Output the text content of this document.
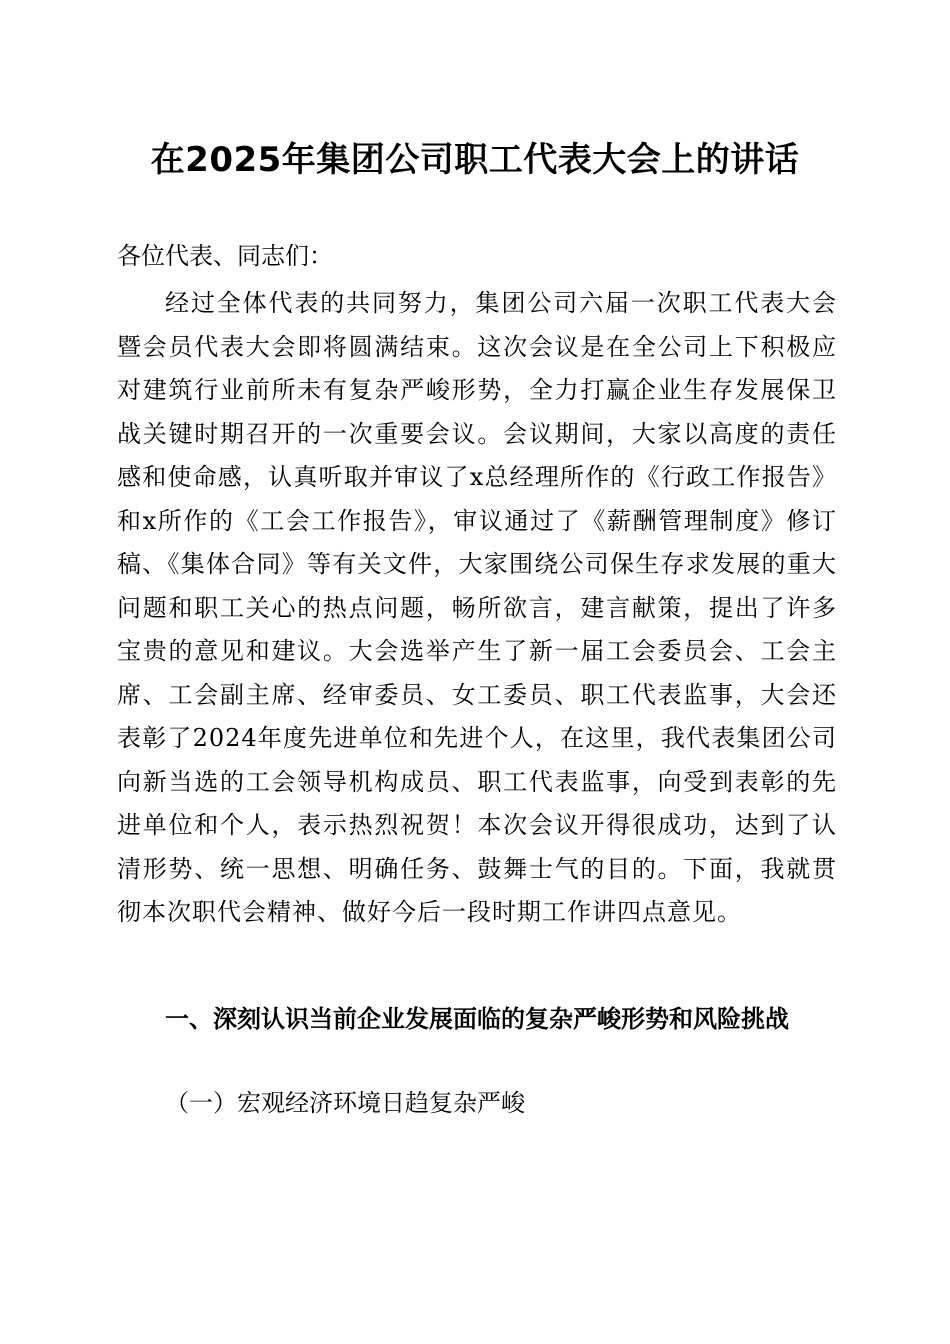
在2025年集团公司职工代表大会上的讲话

各位代表、同志们：

经过全体代表的共同努力，集团公司六届一次职工代表大会暨会员代表大会即将圆满结束。这次会议是在全公司上下积极应对建筑行业前所未有复杂严峻形势，全力打赢企业生存发展保卫战关键时期召开的一次重要会议。会议期间，大家以高度的责任感和使命感，认真听取并审议了x总经理所作的《行政工作报告》和x所作的《工会工作报告》，审议通过了《薪酬管理制度》修订稿、《集体合同》等有关文件，大家围绕公司保生存求发展的重大问题和职工关心的热点问题，畅所欲言，建言献策，提出了许多宝贵的意见和建议。大会选举产生了新一届工会委员会、工会主席、工会副主席、经审委员、女工委员、职工代表监事，大会还表彰了2024年度先进单位和先进个人，在这里，我代表集团公司向新当选的工会领导机构成员、职工代表监事，向受到表彰的先进单位和个人，表示热烈祝贺！本次会议开得很成功，达到了认清形势、统一思想、明确任务、鼓舞士气的目的。下面，我就贯彻本次职代会精神、做好今后一段时期工作讲四点意见。

一、深刻认识当前企业发展面临的复杂严峻形势和风险挑战

（一）宏观经济环境日趋复杂严峻
